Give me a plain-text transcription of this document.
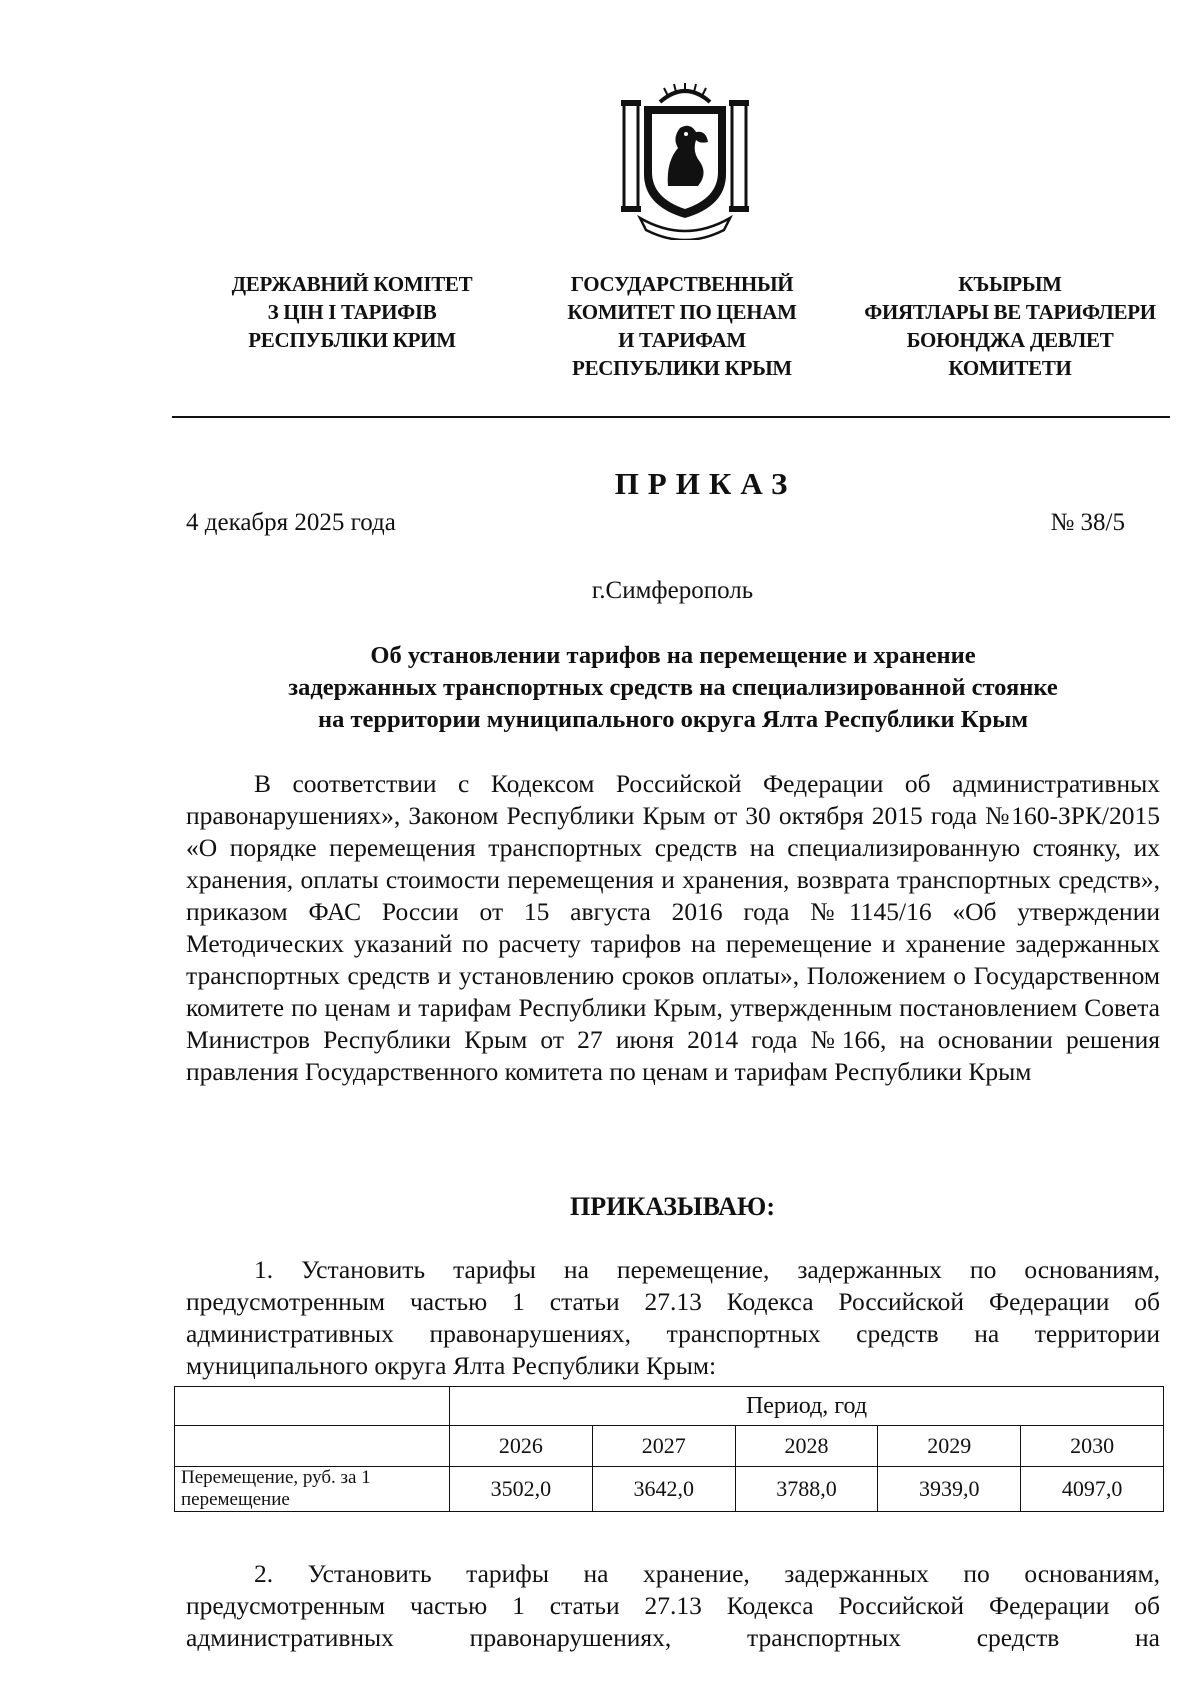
ДЕРЖАВНИЙ КОМІТЕТ
З ЦІН І ТАРИФІВ
РЕСПУБЛІКИ КРИМ
ГОСУДАРСТВЕННЫЙ
КОМИТЕТ ПО ЦЕНАМ
И ТАРИФАМ
РЕСПУБЛИКИ КРЫМ
КЪЫРЫМ
ФИЯТЛАРЫ ВЕ ТАРИФЛЕРИ
БОЮНДЖА ДЕВЛЕТ
КОМИТЕТИ
ПРИКАЗ
4 декабря 2025 года	№ 38/5
г.Симферополь
Об установлении тарифов на перемещение и хранение
задержанных транспортных средств на специализированной стоянке
на территории муниципального округа Ялта Республики Крым
В соответствии с Кодексом Российской Федерации об административных правонарушениях», Законом Республики Крым от 30 октября 2015 года №160-ЗРК/2015 «О порядке перемещения транспортных средств на специализированную стоянку, их хранения, оплаты стоимости перемещения и хранения, возврата транспортных средств», приказом ФАС России от 15 августа 2016 года №1145/16 «Об утверждении Методических указаний по расчету тарифов на перемещение и хранение задержанных транспортных средств и установлению сроков оплаты», Положением о Государственном комитете по ценам и тарифам Республики Крым, утвержденным постановлением Совета Министров Республики Крым от 27 июня 2014 года №166, на основании решения правления Государственного комитета по ценам и тарифам Республики Крым
ПРИКАЗЫВАЮ:
1. Установить тарифы на перемещение, задержанных по основаниям, предусмотренным частью 1 статьи 27.13 Кодекса Российской Федерации об административных правонарушениях, транспортных средств на территории муниципального округа Ялта Республики Крым:
	Период, год				
	2026	2027	2028	2029	2030
Перемещение, руб. за 1 перемещение	3502,0	3642,0	3788,0	3939,0	4097,0
2. Установить тарифы на хранение, задержанных по основаниям, предусмотренным частью 1 статьи 27.13 Кодекса Российской Федерации об административных правонарушениях, транспортных средств на
